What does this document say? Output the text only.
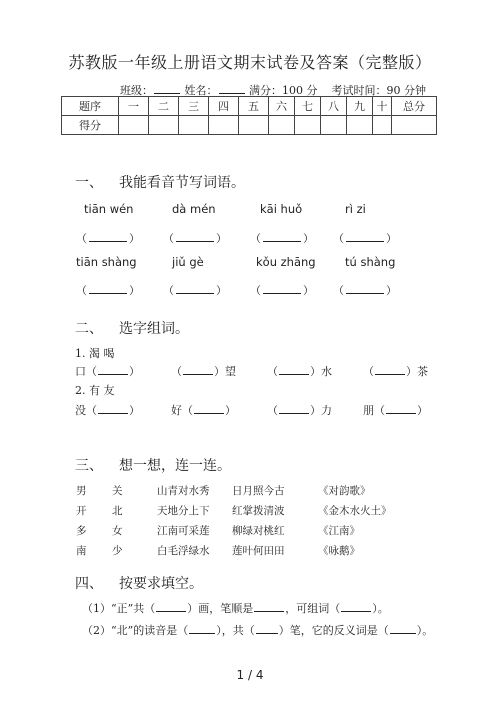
苏教版一年级上册语文期末试卷及答案（完整版）
班级：	姓名：	满分：100 分 考试时间：90 分钟
题序	一	二	三	四	五	六	七	八	九	十	总分
得分											
一、 我能看音节写词语。
tiān wén	dà mén	kāi huǒ	rì zi
（	） （	） （	） （	）
tiān shàng	jiǔ gè	kǒu zhāng	tú shàng
（	） （	） （	） （	）
二、 选字组词。
1. 渴 喝
口（	）	（	）望	（	）水	（	）茶
2. 有 友
没（	）	好（	）	（	）力	朋（	）
三、 想一想，连一连。
男 关	山青对水秀 日月照今古	《对韵歌》
开 北	天地分上下 红掌拨清波	《金木水火土》
多 女	江南可采莲 柳绿对桃红	《江南》
南 少	白毛浮绿水 莲叶何田田	《咏鹅》
四、 按要求填空。
（1）“正”共（	）画，笔顺是	，可组词（	）。
（2）“北”的读音是（	），共（ ）笔，它的反义词是（	）。
1 / 4
